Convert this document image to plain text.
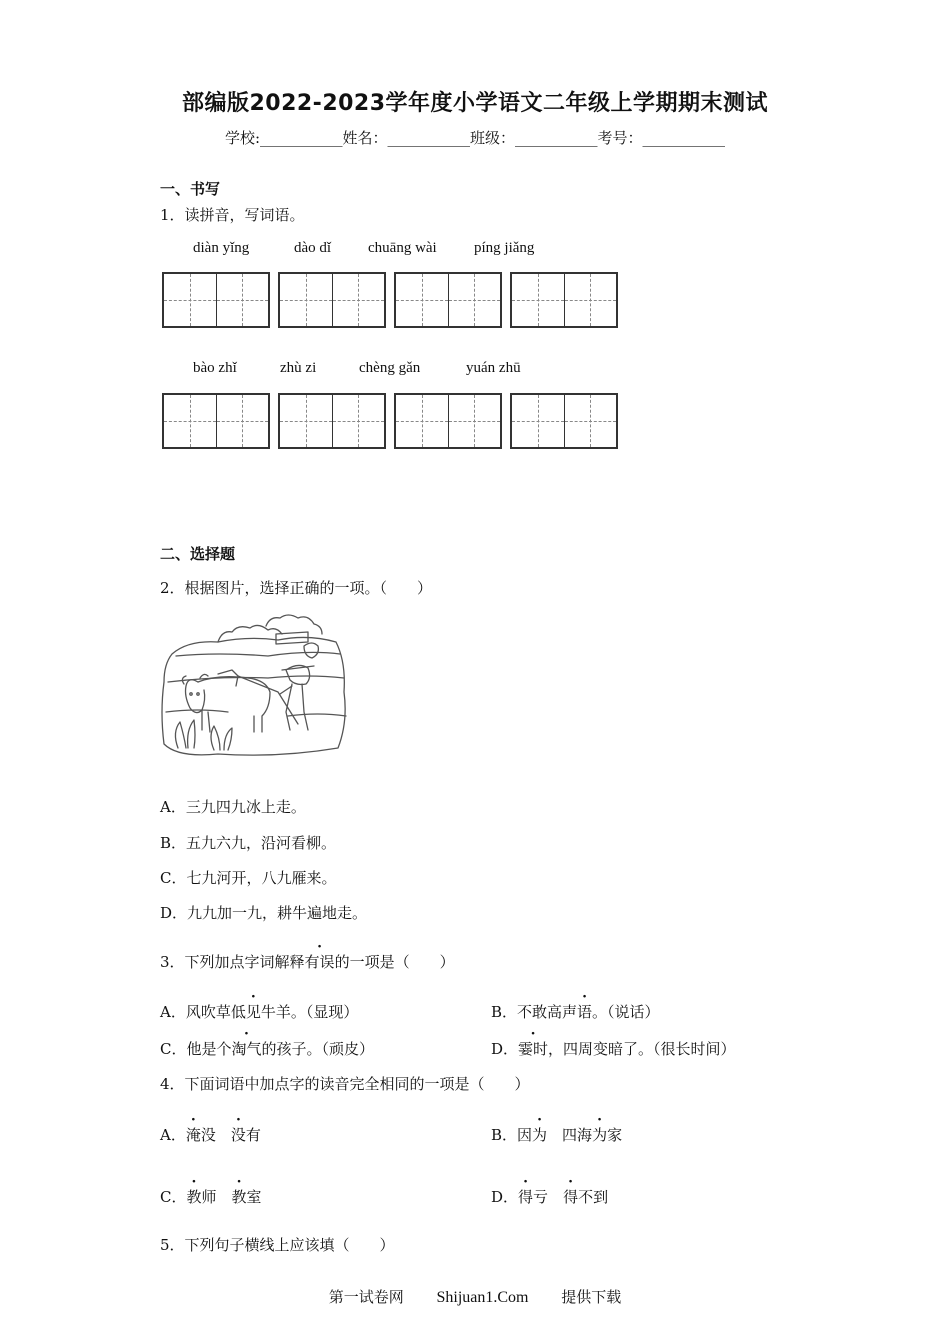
部编版2022-2023学年度小学语文二年级上学期期末测试
学校:___________姓名：___________班级：___________考号：___________
一、书写
1．读拼音，写词语。
diàn yǐng	dào dǐ chuāng wài píng jiǎng
bào zhǐ	zhù zi	chèng gǎn	yuán zhū
二、选择题
2．根据图片，选择正确的一项。（　　）
A．三九四九冰上走。
B．五九六九，沿河看柳。
C．七九河开，八九雁来。
D．九九加一九，耕牛遍地走。
3．下列加点字词解释有误的一项是（　　）
A．风吹草低见牛羊。（显现）	B．不敢高声语。（说话）
C．他是个淘气的孩子。（顽皮）	D．霎时，四周变暗了。（很长时间）
4．下面词语中加点字的读音完全相同的一项是（　　）
A．淹没　没有	B．因为　四海为家
C．教师　教室	D．得亏　得不到
5．下列句子横线上应该填（　　）
第一试卷网 Shijuan1.Com 提供下载
